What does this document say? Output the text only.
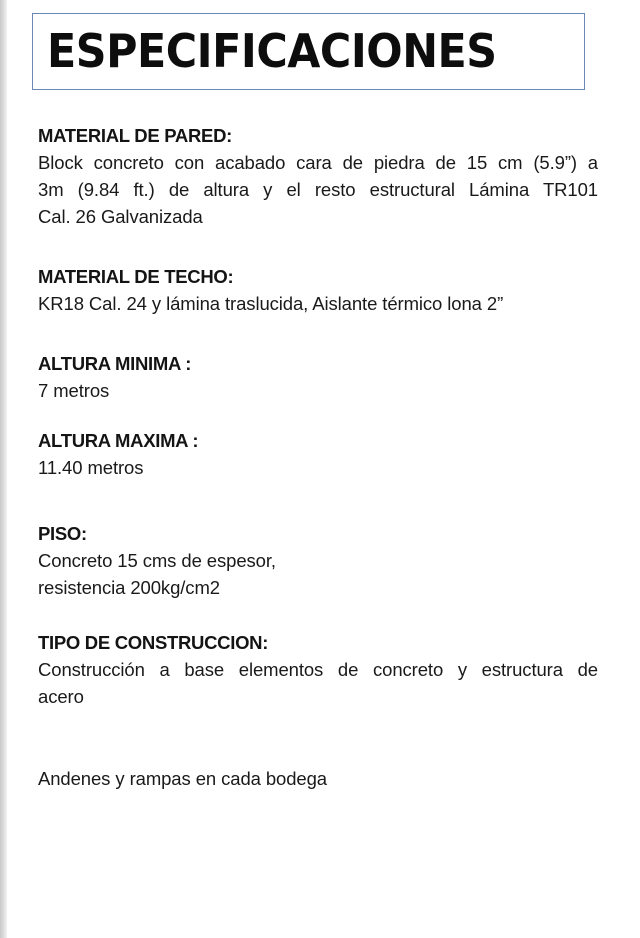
ESPECIFICACIONES
MATERIAL DE PARED:
Block concreto con acabado cara de piedra de 15 cm (5.9”) a
3m (9.84 ft.) de altura y el resto estructural Lámina TR101
Cal. 26 Galvanizada
MATERIAL DE TECHO:
KR18 Cal. 24 y lámina traslucida, Aislante térmico lona 2”
ALTURA MINIMA :
7 metros
ALTURA MAXIMA :
11.40 metros
PISO:
Concreto 15 cms de espesor,
resistencia 200kg/cm2
TIPO DE CONSTRUCCION:
Construcción a base elementos de concreto y estructura de
acero
Andenes y rampas en cada bodega
